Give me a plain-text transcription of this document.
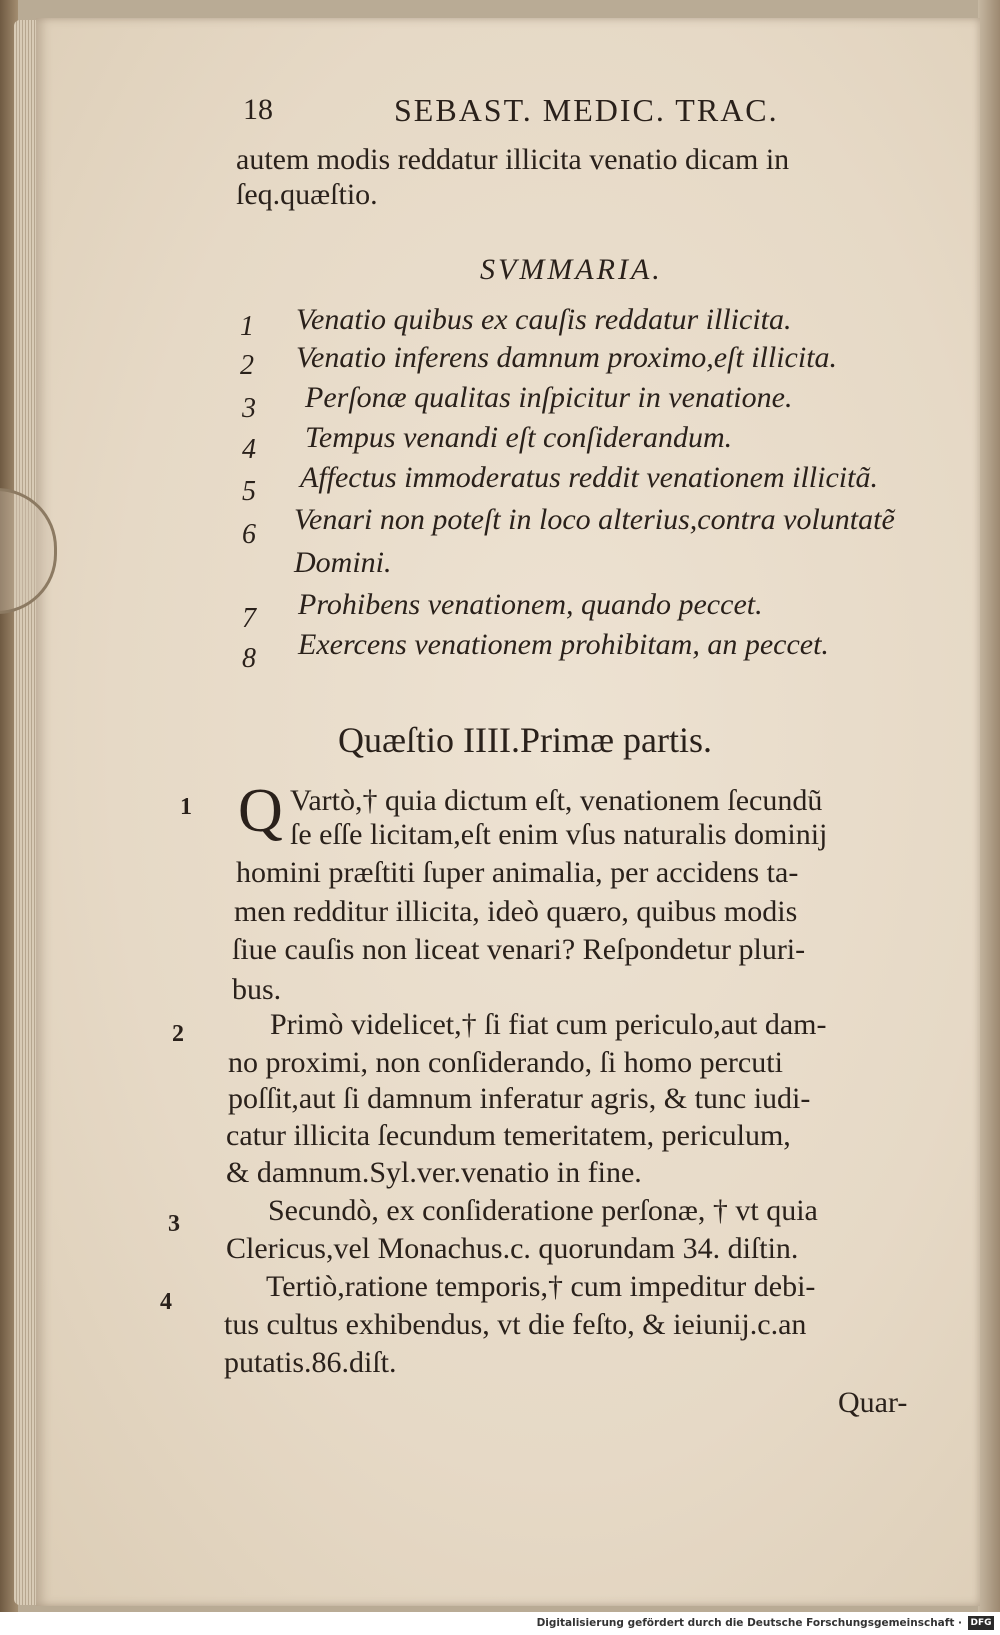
18	SEBAST. MEDIC. TRAC.
autem modis reddatur illicita venatio dicam in
ſeq.quæſtio.
SVMMARIA.
1 Venatio quibus ex cauſis reddatur illicita.
2 Venatio inferens damnum proximo,eſt illicita.
3 Perſonæ qualitas inſpicitur in venatione.
4 Tempus venandi eſt conſiderandum.
5 Affectus immoderatus reddit venationem illicitã.
6 Venari non poteſt in loco alterius,contra voluntatẽ
Domini.
7 Prohibens venationem, quando peccet.
8 Exercens venationem prohibitam, an peccet.
Quæſtio IIII.Primæ partis.
Q
1
2
3
4
Vartò,† quia dictum eſt, venationem ſecundũ
ſe eſſe licitam,eſt enim vſus naturalis dominij
homini præſtiti ſuper animalia, per accidens ta-
men redditur illicita, ideò quæro, quibus modis
ſiue cauſis non liceat venari? Reſpondetur pluri-
bus.
Primò videlicet,† ſi fiat cum periculo,aut dam-
no proximi, non conſiderando, ſi homo percuti
poſſit,aut ſi damnum inferatur agris, & tunc iudi-
catur illicita ſecundum temeritatem, periculum,
& damnum.Syl.ver.venatio in fine.
Secundò, ex conſideratione perſonæ, † vt quia
Clericus,vel Monachus.c. quorundam 34. diſtin.
Tertiò,ratione temporis,† cum impeditur debi-
tus cultus exhibendus, vt die feſto, & ieiunij.c.an
putatis.86.diſt.
Quar-
Digitalisierung gefördert durch die Deutsche Forschungsgemeinschaft · DFG
